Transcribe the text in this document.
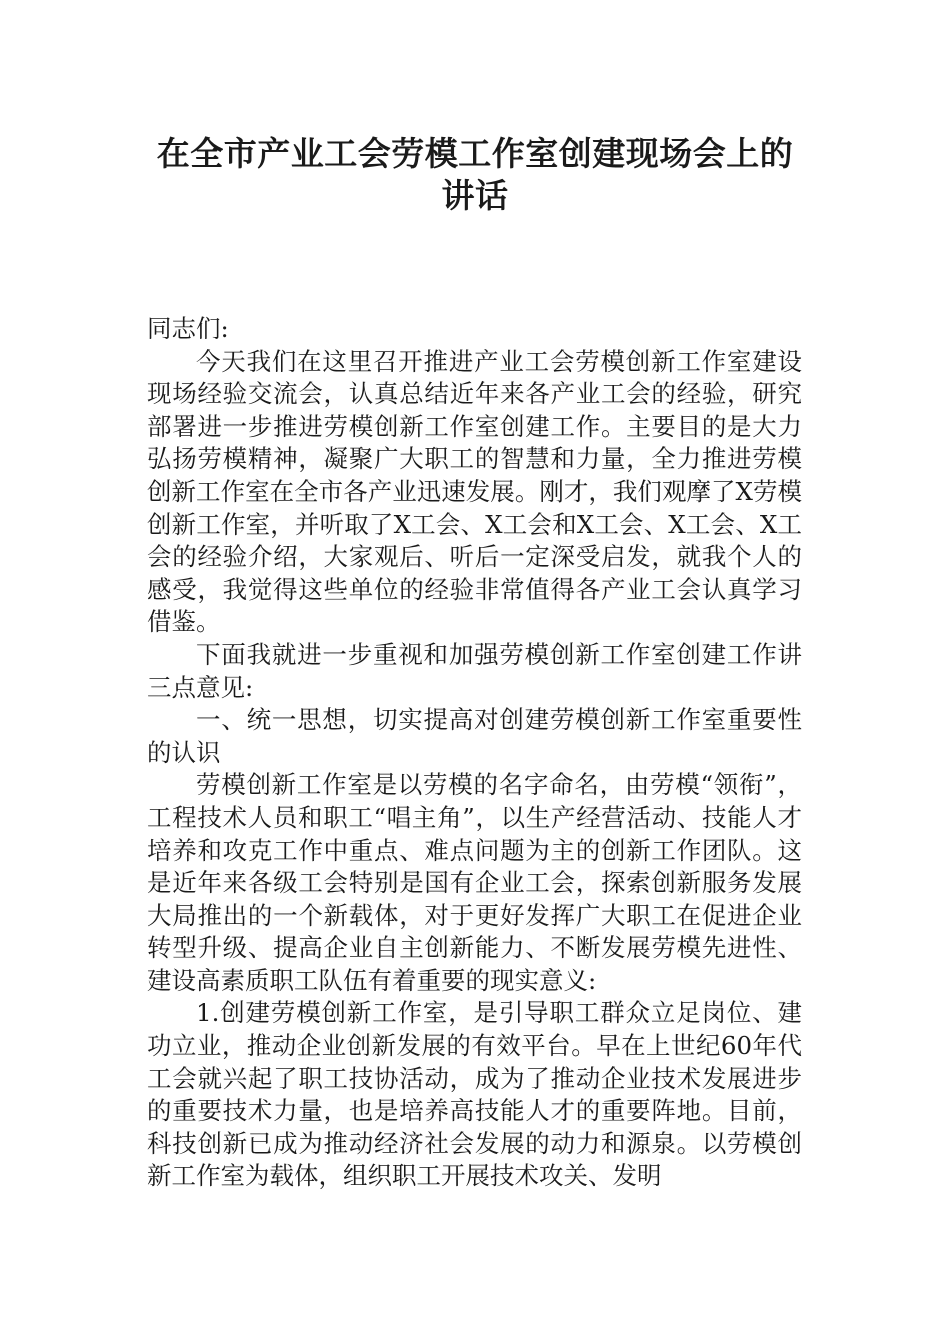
在全市产业工会劳模工作室创建现场会上的讲话

同志们:

今天我们在这里召开推进产业工会劳模创新工作室建设现场经验交流会，认真总结近年来各产业工会的经验，研究部署进一步推进劳模创新工作室创建工作。主要目的是大力弘扬劳模精神，凝聚广大职工的智慧和力量，全力推进劳模创新工作室在全市各产业迅速发展。刚才，我们观摩了X劳模创新工作室，并听取了X工会、X工会和X工会、X工会、X工会的经验介绍，大家观后、听后一定深受启发，就我个人的感受，我觉得这些单位的经验非常值得各产业工会认真学习借鉴。

下面我就进一步重视和加强劳模创新工作室创建工作讲三点意见:

一、统一思想，切实提高对创建劳模创新工作室重要性的认识

劳模创新工作室是以劳模的名字命名，由劳模“领衔”，工程技术人员和职工“唱主角”，以生产经营活动、技能人才培养和攻克工作中重点、难点问题为主的创新工作团队。这是近年来各级工会特别是国有企业工会，探索创新服务发展大局推出的一个新载体，对于更好发挥广大职工在促进企业转型升级、提高企业自主创新能力、不断发展劳模先进性、建设高素质职工队伍有着重要的现实意义:

1.创建劳模创新工作室，是引导职工群众立足岗位、建功立业，推动企业创新发展的有效平台。早在上世纪60年代工会就兴起了职工技协活动，成为了推动企业技术发展进步的重要技术力量，也是培养高技能人才的重要阵地。目前，科技创新已成为推动经济社会发展的动力和源泉。以劳模创新工作室为载体，组织职工开展技术攻关、发明
